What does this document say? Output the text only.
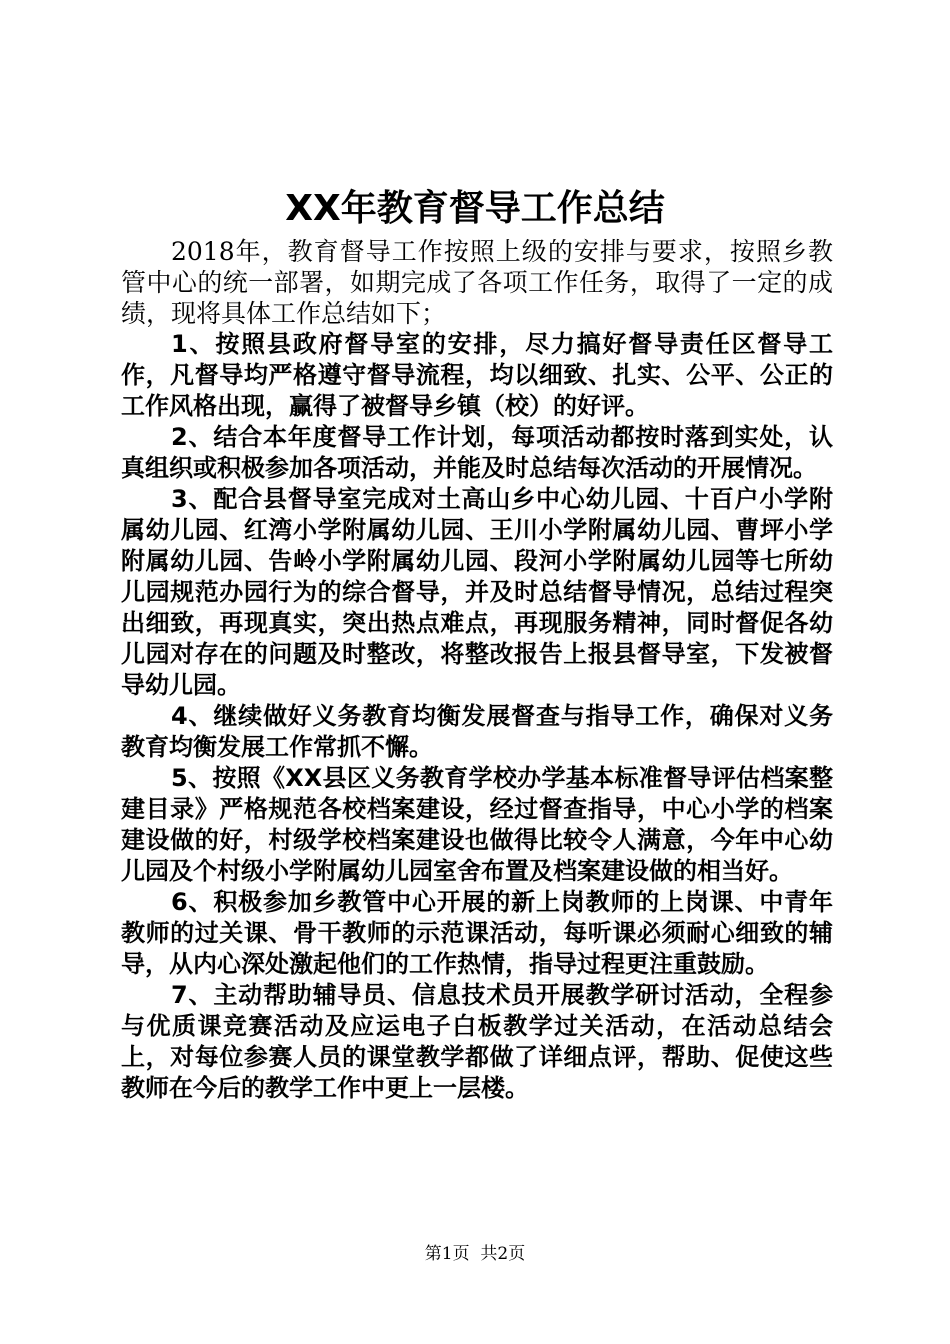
XX年教育督导工作总结

2018年，教育督导工作按照上级的安排与要求，按照乡教管中心的统一部署，如期完成了各项工作任务，取得了一定的成绩，现将具体工作总结如下；

1、按照县政府督导室的安排，尽力搞好督导责任区督导工作，凡督导均严格遵守督导流程，均以细致、扎实、公平、公正的工作风格出现，赢得了被督导乡镇（校）的好评。

2、结合本年度督导工作计划，每项活动都按时落到实处，认真组织或积极参加各项活动，并能及时总结每次活动的开展情况。

3、配合县督导室完成对土高山乡中心幼儿园、十百户小学附属幼儿园、红湾小学附属幼儿园、王川小学附属幼儿园、曹坪小学附属幼儿园、告岭小学附属幼儿园、段河小学附属幼儿园等七所幼儿园规范办园行为的综合督导，并及时总结督导情况，总结过程突出细致，再现真实，突出热点难点，再现服务精神，同时督促各幼儿园对存在的问题及时整改，将整改报告上报县督导室，下发被督导幼儿园。

4、继续做好义务教育均衡发展督查与指导工作，确保对义务教育均衡发展工作常抓不懈。

5、按照《XX县区义务教育学校办学基本标准督导评估档案整建目录》严格规范各校档案建设，经过督查指导，中心小学的档案建设做的好，村级学校档案建设也做得比较令人满意，今年中心幼儿园及个村级小学附属幼儿园室舍布置及档案建设做的相当好。

6、积极参加乡教管中心开展的新上岗教师的上岗课、中青年教师的过关课、骨干教师的示范课活动，每听课必须耐心细致的辅导，从内心深处激起他们的工作热情，指导过程更注重鼓励。

7、主动帮助辅导员、信息技术员开展教学研讨活动，全程参与优质课竞赛活动及应运电子白板教学过关活动，在活动总结会上，对每位参赛人员的课堂教学都做了详细点评，帮助、促使这些教师在今后的教学工作中更上一层楼。

第1页  共2页
